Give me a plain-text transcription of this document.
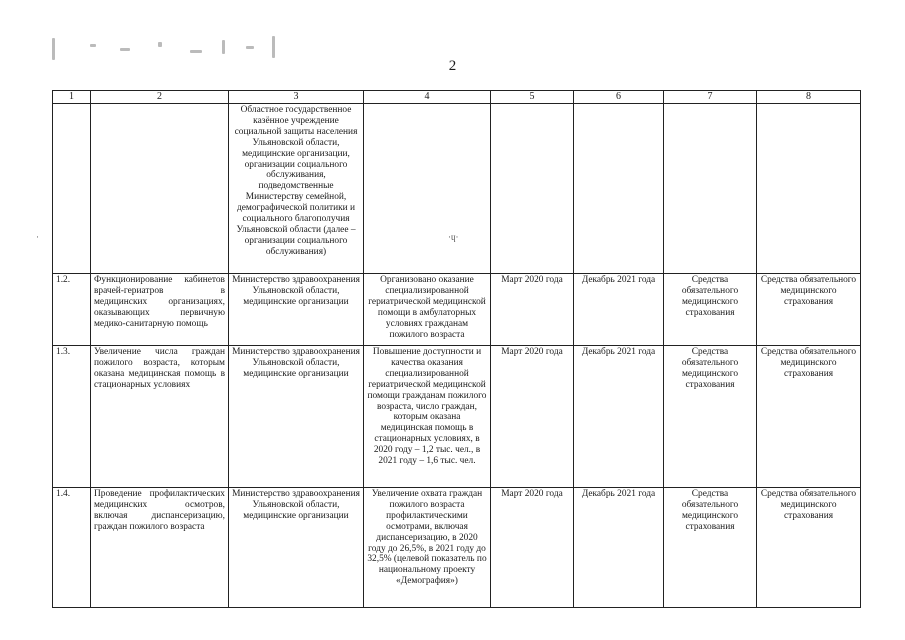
2
1	2	3	4	5	6	7	8
		Областное государственное казённое учреждение социальной защиты населения Ульяновской области, медицинские организации, организации социального обслуживания, подведомственные Министерству семейной, демографической политики и социального благополучия Ульяновской области (далее – организации социального обслуживания)					
1.2.	Функционирование кабинетов врачей-гериатров в медицинских организациях, оказывающих первичную медико-санитарную помощь	Министерство здравоохранения Ульяновской области, медицинские организации	Организовано оказание специализированной гериатрической медицинской помощи в амбулаторных условиях гражданам пожилого возраста	Март 2020 года	Декабрь 2021 года	Средства обязательного медицинского страхования	Средства обязательного медицинского страхования
1.3.	Увеличение числа граждан пожилого возраста, которым оказана медицинская помощь в стационарных условиях	Министерство здравоохранения Ульяновской области, медицинские организации	Повышение доступности и качества оказания специализированной гериатрической медицинской помощи гражданам пожилого возраста, число граждан, которым оказана медицинская помощь в стационарных условиях, в 2020 году – 1,2 тыс. чел., в 2021 году – 1,6 тыс. чел.	Март 2020 года	Декабрь 2021 года	Средства обязательного медицинского страхования	Средства обязательного медицинского страхования
1.4.	Проведение профилактических медицинских осмотров, включая диспансеризацию, граждан пожилого возраста	Министерство здравоохранения Ульяновской области, медицинские организации	Увеличение охвата граждан пожилого возраста профилактическими осмотрами, включая диспансеризацию, в 2020 году до 26,5%, в 2021 году до 32,5% (целевой показатель по национальному проекту «Демография»)	Март 2020 года	Декабрь 2021 года	Средства обязательного медицинского страхования	Средства обязательного медицинского страхования
·ɥ·
·
